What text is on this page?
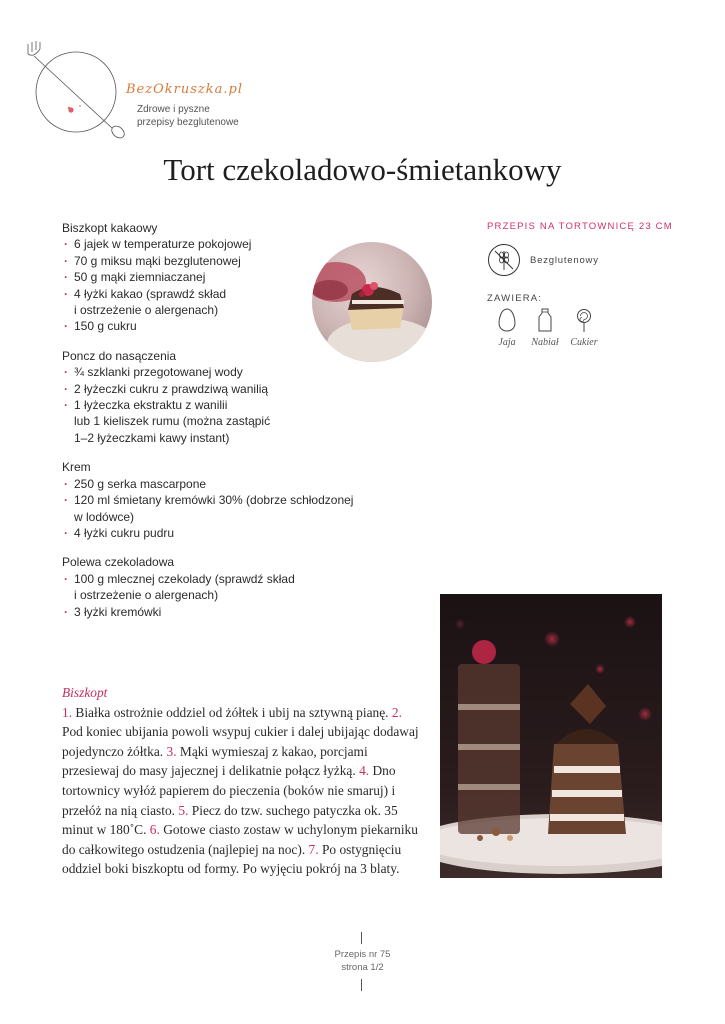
BezOkruszka.pl
Zdrowe i pyszne
przepisy bezglutenowe
Tort czekoladowo-śmietankowy
Biszkopt kakaowy
· 6 jajek w temperaturze pokojowej
· 70 g miksu mąki bezglutenowej
· 50 g mąki ziemniaczanej
· 4 łyżki kakao (sprawdź skład
i ostrzeżenie o alergenach)
· 150 g cukru
Poncz do nasączenia
· ¾ szklanki przegotowanej wody
· 2 łyżeczki cukru z prawdziwą wanilią
· 1 łyżeczka ekstraktu z wanilii
lub 1 kieliszek rumu (można zastąpić
1–2 łyżeczkami kawy instant)
Krem
· 250 g serka mascarpone
· 120 ml śmietany kremówki 30% (dobrze schłodzonej
w lodówce)
· 4 łyżki cukru pudru
Polewa czekoladowa
· 100 g mlecznej czekolady (sprawdź skład
i ostrzeżenie o alergenach)
· 3 łyżki kremówki
PRZEPIS NA TORTOWNICĘ 23 CM
Bezglutenowy
ZAWIERA:
Jaja	Nabiał	Cukier
Biszkopt
1. Białka ostrożnie oddziel od żółtek i ubij na sztywną pianę. 2. Pod koniec ubijania powoli wsypuj cukier i dalej ubijając dodawaj pojedynczo żółtka. 3. Mąki wymieszaj z kakao, porcjami przesiewaj do masy jajecznej i delikatnie połącz łyżką. 4. Dno tortownicy wyłóż papierem do pieczenia (boków nie smaruj) i przełóż na nią ciasto. 5. Piecz do tzw. suchego patyczka ok. 35 minut w 180˚C. 6. Gotowe ciasto zostaw w uchylonym piekarniku do całkowitego ostudzenia (najlepiej na noc). 7. Po ostygnięciu oddziel boki biszkoptu od formy. Po wyjęciu pokrój na 3 blaty.
Przepis nr 75
strona 1/2
